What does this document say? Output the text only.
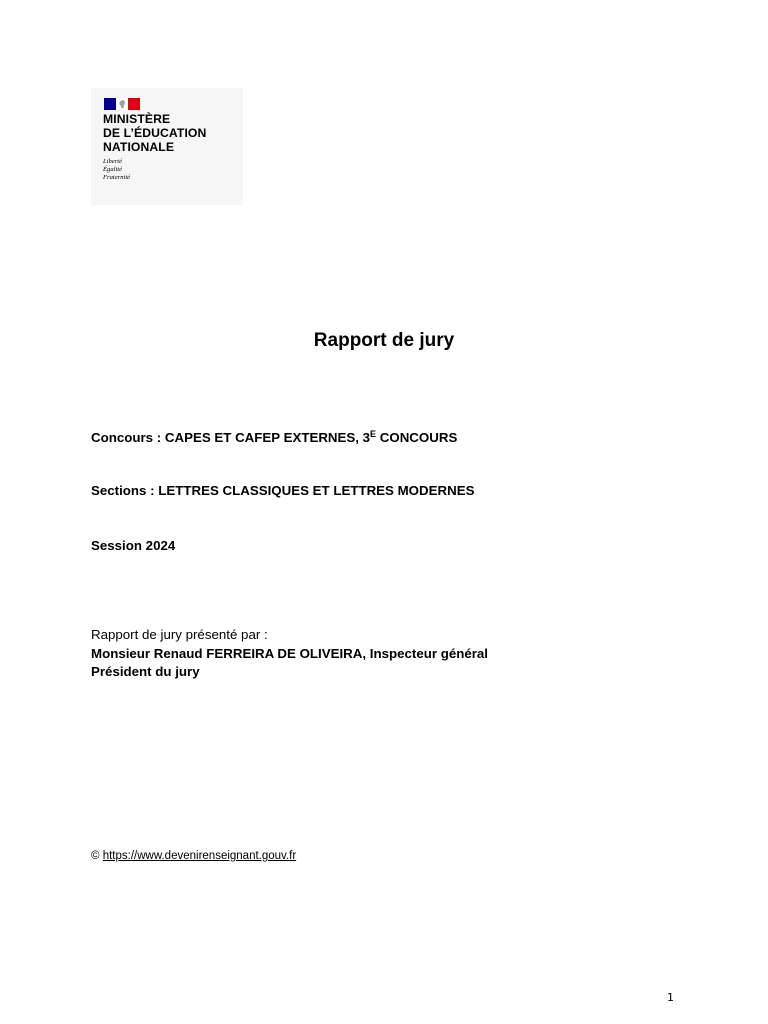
MINISTÈRE
DE L’ÉDUCATION
NATIONALE
Liberté
Égalité
Fraternité
Rapport de jury
Concours : CAPES ET CAFEP EXTERNES, $3^E$ CONCOURS
Sections : LETTRES CLASSIQUES ET LETTRES MODERNES
Session 2024
Rapport de jury présenté par :
Monsieur Renaud FERREIRA DE OLIVEIRA, Inspecteur général
Président du jury
© https://www.devenirenseignant.gouv.fr
1
